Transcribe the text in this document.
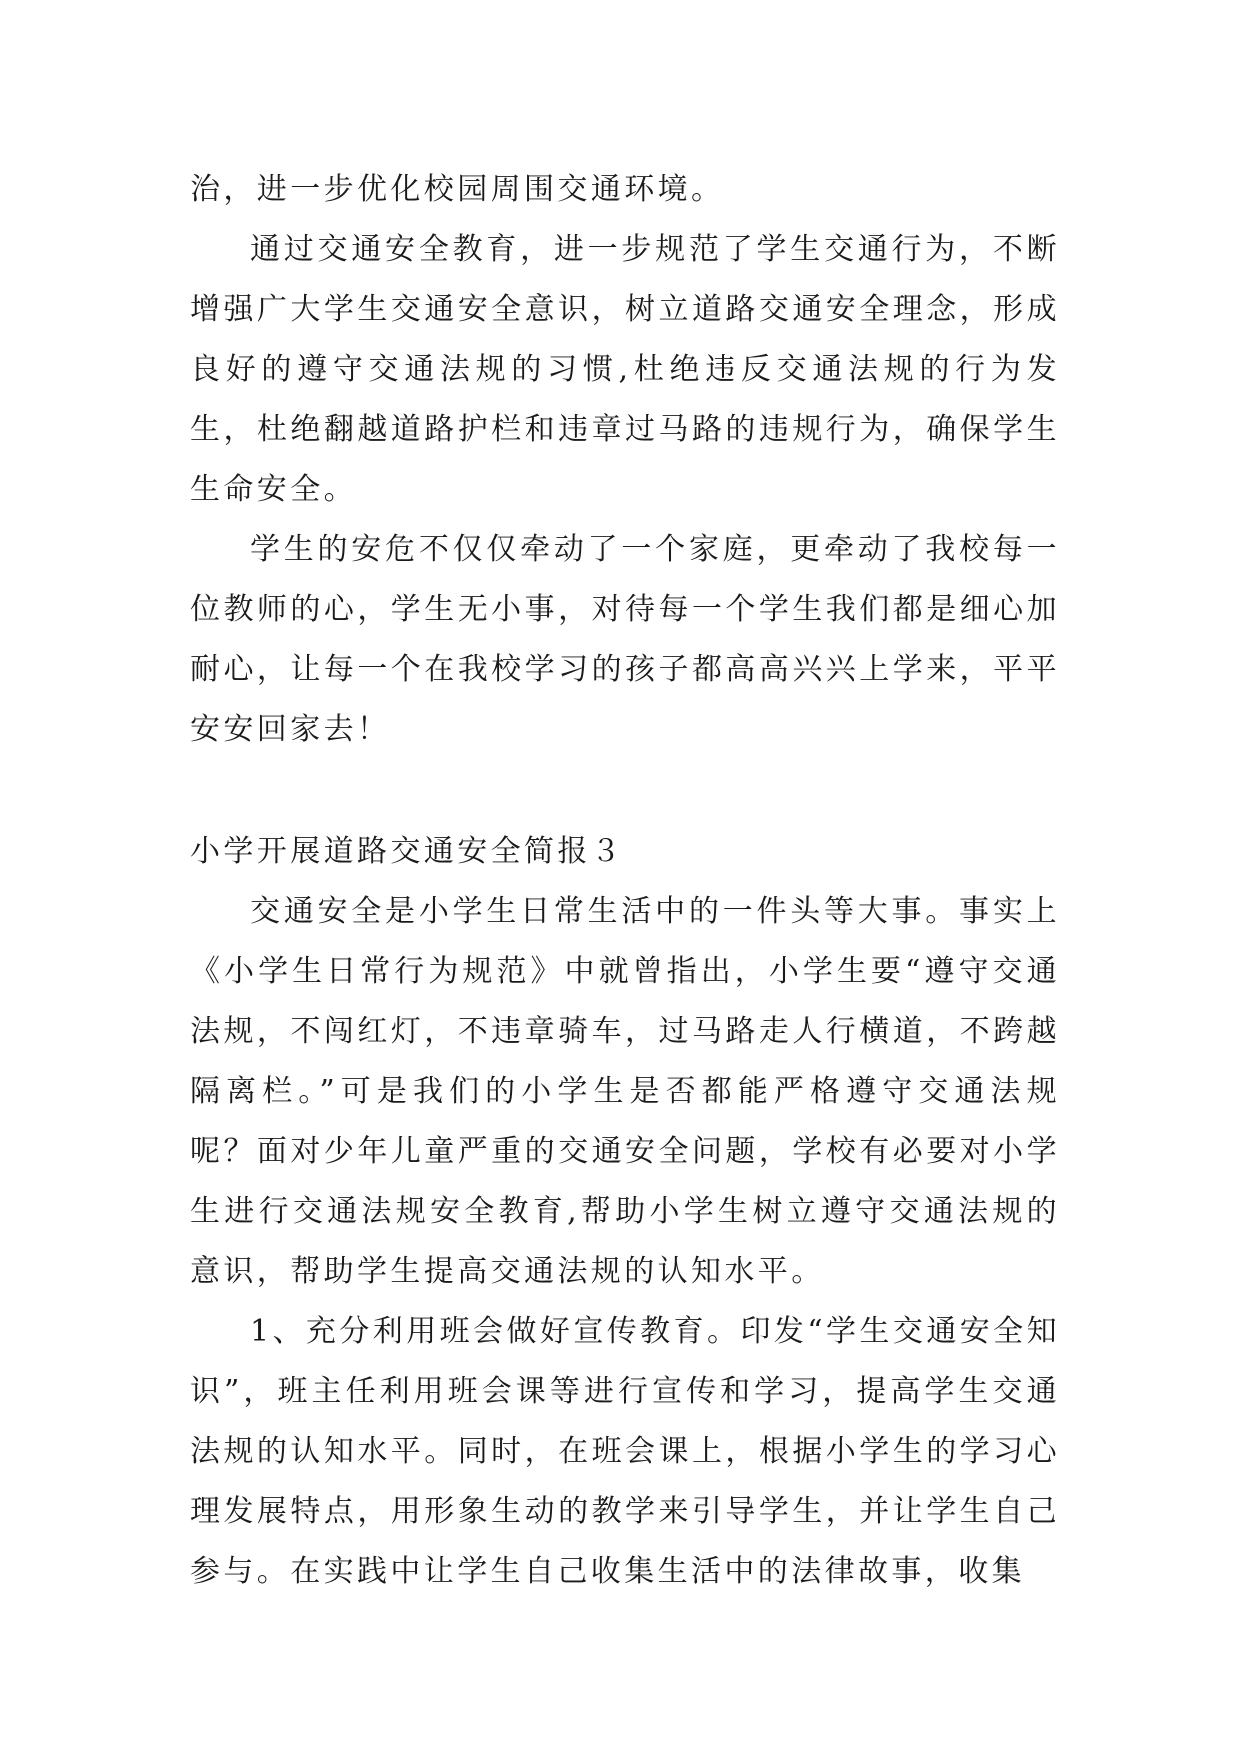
治，进一步优化校园周围交通环境。

通过交通安全教育，进一步规范了学生交通行为，不断增强广大学生交通安全意识，树立道路交通安全理念，形成良好的遵守交通法规的习惯,杜绝违反交通法规的行为发生，杜绝翻越道路护栏和违章过马路的违规行为，确保学生生命安全。

学生的安危不仅仅牵动了一个家庭，更牵动了我校每一位教师的心，学生无小事，对待每一个学生我们都是细心加耐心，让每一个在我校学习的孩子都高高兴兴上学来，平平安安回家去！

小学开展道路交通安全简报３

交通安全是小学生日常生活中的一件头等大事。事实上《小学生日常行为规范》中就曾指出，小学生要“遵守交通法规，不闯红灯，不违章骑车，过马路走人行横道，不跨越隔离栏。”可是我们的小学生是否都能严格遵守交通法规呢？面对少年儿童严重的交通安全问题，学校有必要对小学生进行交通法规安全教育,帮助小学生树立遵守交通法规的意识，帮助学生提高交通法规的认知水平。

1、充分利用班会做好宣传教育。印发“学生交通安全知识”，班主任利用班会课等进行宣传和学习，提高学生交通法规的认知水平。同时，在班会课上，根据小学生的学习心理发展特点，用形象生动的教学来引导学生，并让学生自己参与。在实践中让学生自己收集生活中的法律故事，收集
